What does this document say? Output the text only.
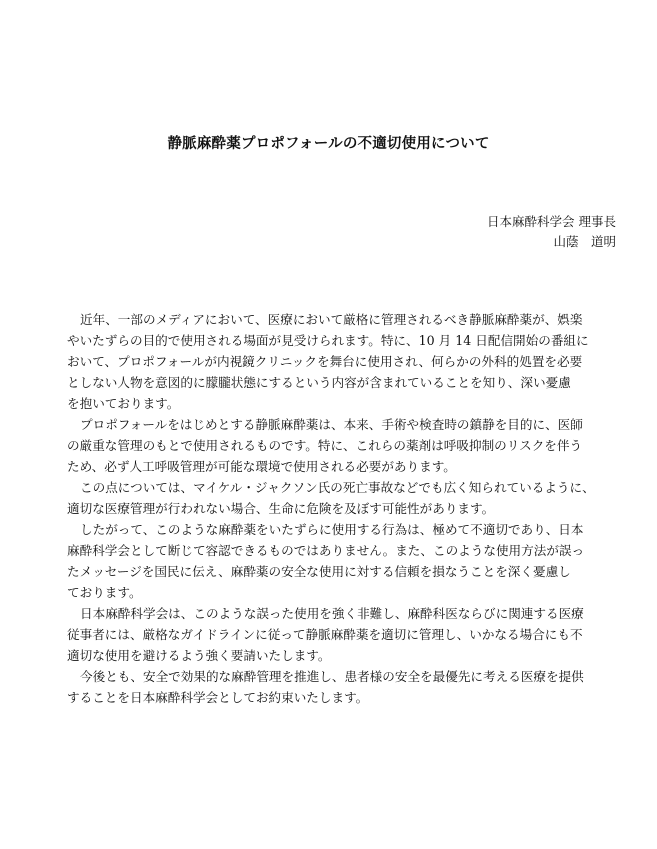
静脈麻酔薬プロポフォールの不適切使用について
日本麻酔科学会 理事長
山蔭　道明
近年、一部のメディアにおいて、医療において厳格に管理されるべき静脈麻酔薬が、娯楽
やいたずらの目的で使用される場面が見受けられます。特に、10 月 14 日配信開始の番組に
おいて、プロポフォールが内視鏡クリニックを舞台に使用され、何らかの外科的処置を必要
としない人物を意図的に朦朧状態にするという内容が含まれていることを知り、深い憂慮
を抱いております。
プロポフォールをはじめとする静脈麻酔薬は、本来、手術や検査時の鎮静を目的に、医師
の厳重な管理のもとで使用されるものです。特に、これらの薬剤は呼吸抑制のリスクを伴う
ため、必ず人工呼吸管理が可能な環境で使用される必要があります。
この点については、マイケル・ジャクソン氏の死亡事故などでも広く知られているように、
適切な医療管理が行われない場合、生命に危険を及ぼす可能性があります。
したがって、このような麻酔薬をいたずらに使用する行為は、極めて不適切であり、日本
麻酔科学会として断じて容認できるものではありません。また、このような使用方法が誤っ
たメッセージを国民に伝え、麻酔薬の安全な使用に対する信頼を損なうことを深く憂慮し
ております。
日本麻酔科学会は、このような誤った使用を強く非難し、麻酔科医ならびに関連する医療
従事者には、厳格なガイドラインに従って静脈麻酔薬を適切に管理し、いかなる場合にも不
適切な使用を避けるよう強く要請いたします。
今後とも、安全で効果的な麻酔管理を推進し、患者様の安全を最優先に考える医療を提供
することを日本麻酔科学会としてお約束いたします。
